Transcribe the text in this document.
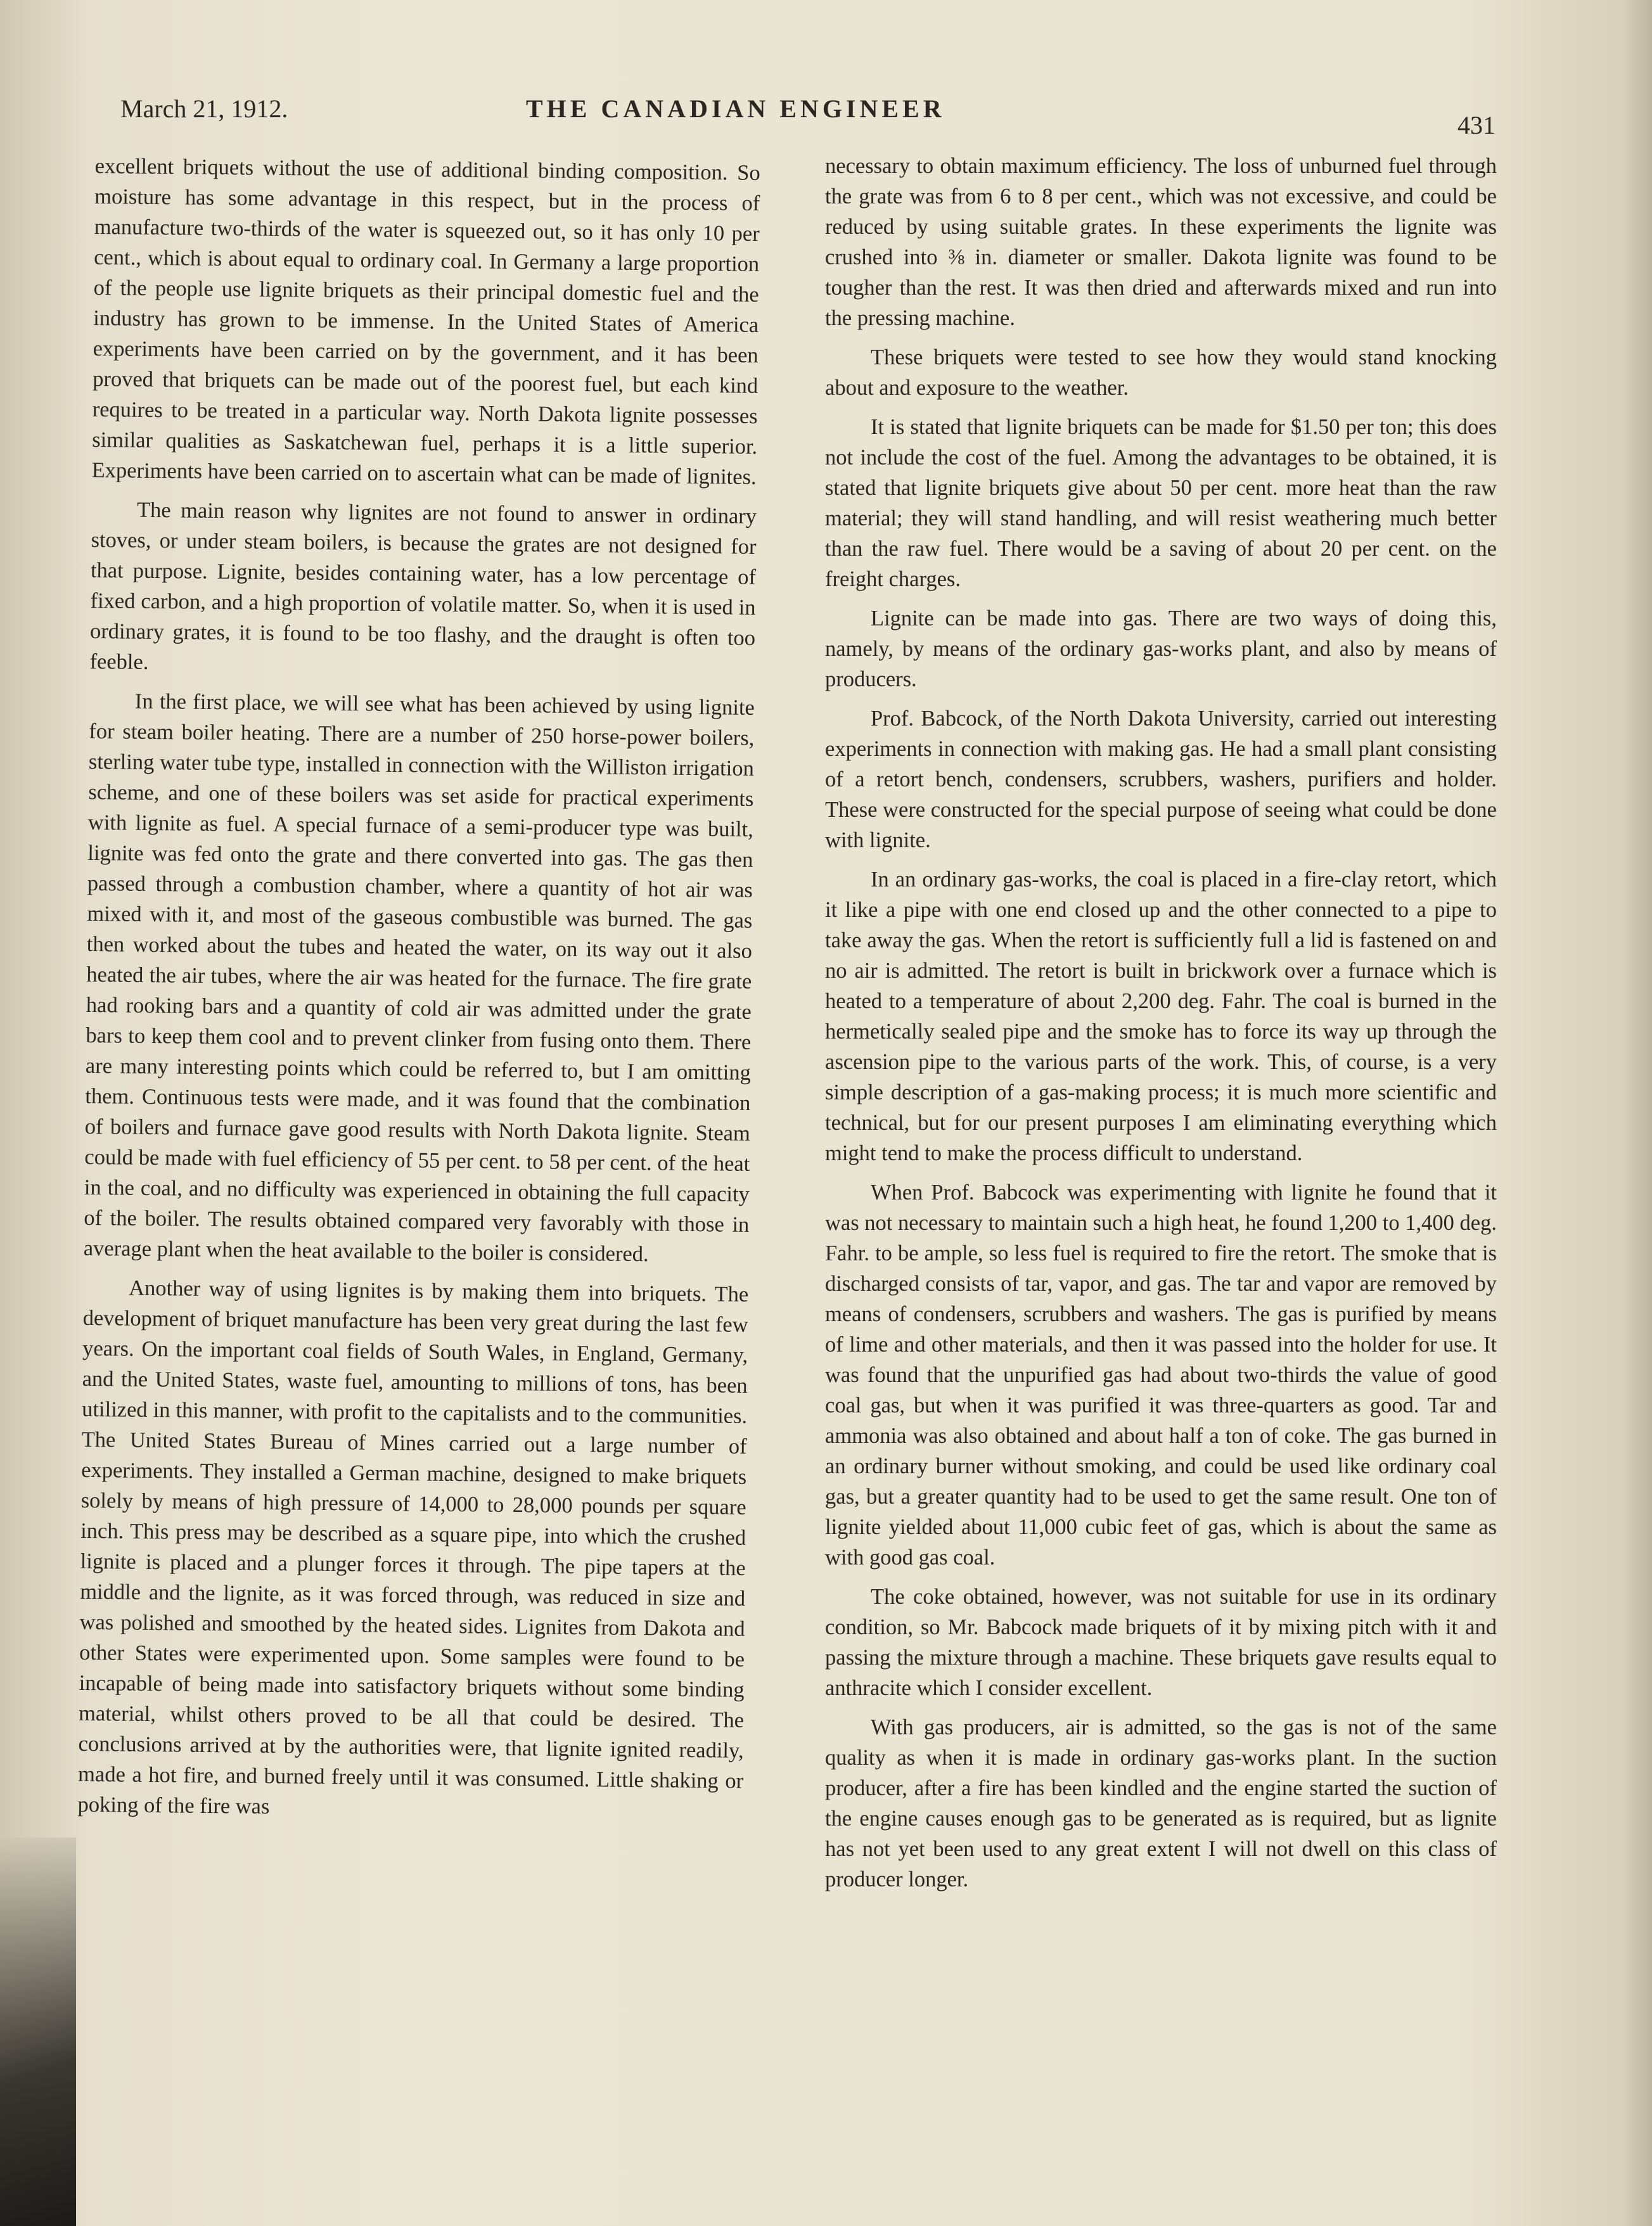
March 21, 1912.	THE CANADIAN ENGINEER
431

excellent briquets without the use of additional binding composition. So moisture has some advantage in this respect, but in the process of manufacture two-thirds of the water is squeezed out, so it has only 10 per cent., which is about equal to ordinary coal. In Germany a large proportion of the people use lignite briquets as their principal domestic fuel and the industry has grown to be immense. In the United States of America experiments have been carried on by the government, and it has been proved that briquets can be made out of the poorest fuel, but each kind requires to be treated in a particular way. North Dakota lignite possesses similar qualities as Saskatchewan fuel, perhaps it is a little superior. Experiments have been carried on to ascertain what can be made of lignites.

The main reason why lignites are not found to answer in ordinary stoves, or under steam boilers, is because the grates are not designed for that purpose. Lignite, besides containing water, has a low percentage of fixed carbon, and a high proportion of volatile matter. So, when it is used in ordinary grates, it is found to be too flashy, and the draught is often too feeble.

In the first place, we will see what has been achieved by using lignite for steam boiler heating. There are a number of 250 horse-power boilers, sterling water tube type, installed in connection with the Williston irrigation scheme, and one of these boilers was set aside for practical experiments with lignite as fuel. A special furnace of a semi-producer type was built, lignite was fed onto the grate and there converted into gas. The gas then passed through a combustion chamber, where a quantity of hot air was mixed with it, and most of the gaseous combustible was burned. The gas then worked about the tubes and heated the water, on its way out it also heated the air tubes, where the air was heated for the furnace. The fire grate had rooking bars and a quantity of cold air was admitted under the grate bars to keep them cool and to prevent clinker from fusing onto them. There are many interesting points which could be referred to, but I am omitting them. Continuous tests were made, and it was found that the combination of boilers and furnace gave good results with North Dakota lignite. Steam could be made with fuel efficiency of 55 per cent. to 58 per cent. of the heat in the coal, and no difficulty was experienced in obtaining the full capacity of the boiler. The results obtained compared very favorably with those in average plant when the heat available to the boiler is considered.

Another way of using lignites is by making them into briquets. The development of briquet manufacture has been very great during the last few years. On the important coal fields of South Wales, in England, Germany, and the United States, waste fuel, amounting to millions of tons, has been utilized in this manner, with profit to the capitalists and to the communities. The United States Bureau of Mines carried out a large number of experiments. They installed a German machine, designed to make briquets solely by means of high pressure of 14,000 to 28,000 pounds per square inch. This press may be described as a square pipe, into which the crushed lignite is placed and a plunger forces it through. The pipe tapers at the middle and the lignite, as it was forced through, was reduced in size and was polished and smoothed by the heated sides. Lignites from Dakota and other States were experimented upon. Some samples were found to be incapable of being made into satisfactory briquets without some binding material, whilst others proved to be all that could be desired. The conclusions arrived at by the authorities were, that lignite ignited readily, made a hot fire, and burned freely until it was consumed. Little shaking or poking of the fire was

necessary to obtain maximum efficiency. The loss of unburned fuel through the grate was from 6 to 8 per cent., which was not excessive, and could be reduced by using suitable grates. In these experiments the lignite was crushed into ⅜ in. diameter or smaller. Dakota lignite was found to be tougher than the rest. It was then dried and afterwards mixed and run into the pressing machine.

These briquets were tested to see how they would stand knocking about and exposure to the weather.

It is stated that lignite briquets can be made for $1.50 per ton; this does not include the cost of the fuel. Among the advantages to be obtained, it is stated that lignite briquets give about 50 per cent. more heat than the raw material; they will stand handling, and will resist weathering much better than the raw fuel. There would be a saving of about 20 per cent. on the freight charges.

Lignite can be made into gas. There are two ways of doing this, namely, by means of the ordinary gas-works plant, and also by means of producers.

Prof. Babcock, of the North Dakota University, carried out interesting experiments in connection with making gas. He had a small plant consisting of a retort bench, condensers, scrubbers, washers, purifiers and holder. These were constructed for the special purpose of seeing what could be done with lignite.

In an ordinary gas-works, the coal is placed in a fire-clay retort, which it like a pipe with one end closed up and the other connected to a pipe to take away the gas. When the retort is sufficiently full a lid is fastened on and no air is admitted. The retort is built in brickwork over a furnace which is heated to a temperature of about 2,200 deg. Fahr. The coal is burned in the hermetically sealed pipe and the smoke has to force its way up through the ascension pipe to the various parts of the work. This, of course, is a very simple description of a gas-making process; it is much more scientific and technical, but for our present purposes I am eliminating everything which might tend to make the process difficult to understand.

When Prof. Babcock was experimenting with lignite he found that it was not necessary to maintain such a high heat, he found 1,200 to 1,400 deg. Fahr. to be ample, so less fuel is required to fire the retort. The smoke that is discharged consists of tar, vapor, and gas. The tar and vapor are removed by means of condensers, scrubbers and washers. The gas is purified by means of lime and other materials, and then it was passed into the holder for use. It was found that the unpurified gas had about two-thirds the value of good coal gas, but when it was purified it was three-quarters as good. Tar and ammonia was also obtained and about half a ton of coke. The gas burned in an ordinary burner without smoking, and could be used like ordinary coal gas, but a greater quantity had to be used to get the same result. One ton of lignite yielded about 11,000 cubic feet of gas, which is about the same as with good gas coal.

The coke obtained, however, was not suitable for use in its ordinary condition, so Mr. Babcock made briquets of it by mixing pitch with it and passing the mixture through a machine. These briquets gave results equal to anthracite which I consider excellent.

With gas producers, air is admitted, so the gas is not of the same quality as when it is made in ordinary gas-works plant. In the suction producer, after a fire has been kindled and the engine started the suction of the engine causes enough gas to be generated as is required, but as lignite has not yet been used to any great extent I will not dwell on this class of producer longer.
